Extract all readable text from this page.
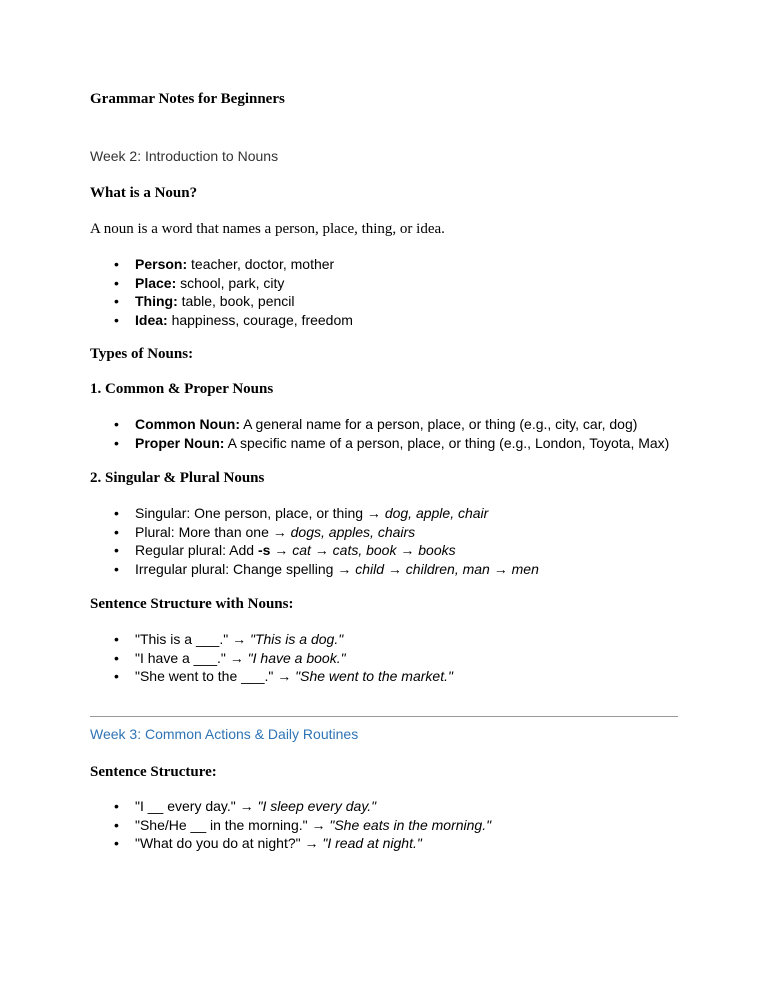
Grammar Notes for Beginners
Week 2: Introduction to Nouns
What is a Noun?
A noun is a word that names a person, place, thing, or idea.
• Person: teacher, doctor, mother
• Place: school, park, city
• Thing: table, book, pencil
• Idea: happiness, courage, freedom
Types of Nouns:
1. Common & Proper Nouns
• Common Noun: A general name for a person, place, or thing (e.g., city, car, dog)
• Proper Noun: A specific name of a person, place, or thing (e.g., London, Toyota, Max)
2. Singular & Plural Nouns
• Singular: One person, place, or thing → dog, apple, chair
• Plural: More than one → dogs, apples, chairs
• Regular plural: Add -s → cat → cats, book → books
• Irregular plural: Change spelling → child → children, man → men
Sentence Structure with Nouns:
• "This is a ___." → "This is a dog."
• "I have a ___." → "I have a book."
• "She went to the ___." → "She went to the market."
Week 3: Common Actions & Daily Routines
Sentence Structure:
• "I __ every day." → "I sleep every day."
• "She/He __ in the morning." → "She eats in the morning."
• "What do you do at night?" → "I read at night."
